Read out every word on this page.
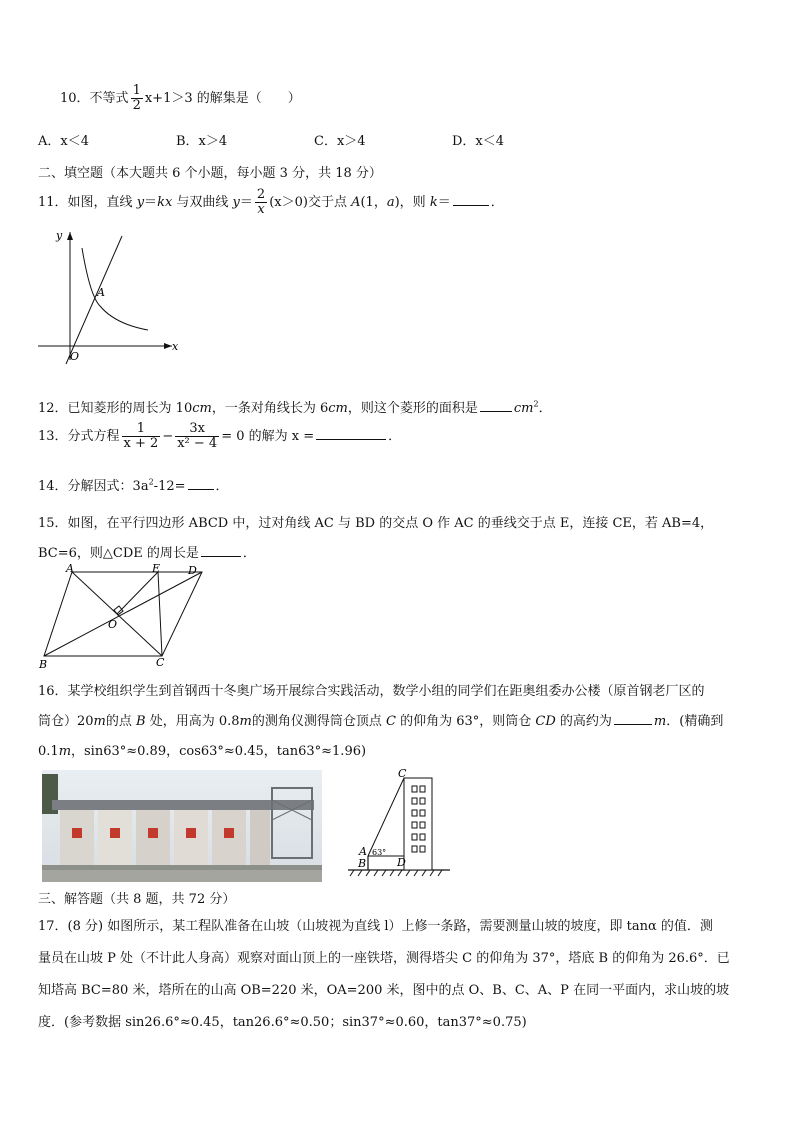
10．不等式 $\frac{1}{2} x+1>3$ 的解集是（　　）
A．x＜4	B．x＞4	C．x＞4	D．x＜4
二、填空题（本大题共 6 个小题，每小题 3 分，共 18 分）
11．如图，直线 y＝kx 与双曲线 $y= \frac{2}{x} (x>0)$交于点 A(1，a)，则 k＝	．
y
x
O
A
12．已知菱形的周长为 10cm，一条对角线长为 6cm，则这个菱形的面积是	$cm^2$．
13．分式方程 $\frac{1}{x + 2} - \frac{3x}{\text{x² − 4}} = 0$ 的解为 x =	．
14．分解因式：$3a^2-12=$ ．
15．如图，在平行四边形 ABCD 中，过对角线 AC 与 BD 的交点 O 作 AC 的垂线交于点 E，连接 CE，若 AB=4，
BC=6，则△CDE 的周长是	．
A	E	D
O
B	C
16．某学校组织学生到首钢西十冬奥广场开展综合实践活动，数学小组的同学们在距奥组委办公楼（原首钢老厂区的
筒仓）20m的点 B 处，用高为 0.8m的测角仪测得筒仓顶点 C 的仰角为 63°，则筒仓 CD 的高约为	m．(精确到
0.1m，sin63°≈0.89，cos63°≈0.45，tan63°≈1.96)
C
A
B	D
63°
三、解答题（共 8 题，共 72 分）
17．(8 分) 如图所示，某工程队准备在山坡（山坡视为直线 l）上修一条路，需要测量山坡的坡度，即 tanα 的值．测
量员在山坡 P 处（不计此人身高）观察对面山顶上的一座铁塔，测得塔尖 C 的仰角为 37°，塔底 B 的仰角为 26.6°．已
知塔高 BC=80 米，塔所在的山高 OB=220 米，OA=200 米，图中的点 O、B、C、A、P 在同一平面内，求山坡的坡
度．(参考数据 sin26.6°≈0.45，tan26.6°≈0.50；sin37°≈0.60，tan37°≈0.75)
